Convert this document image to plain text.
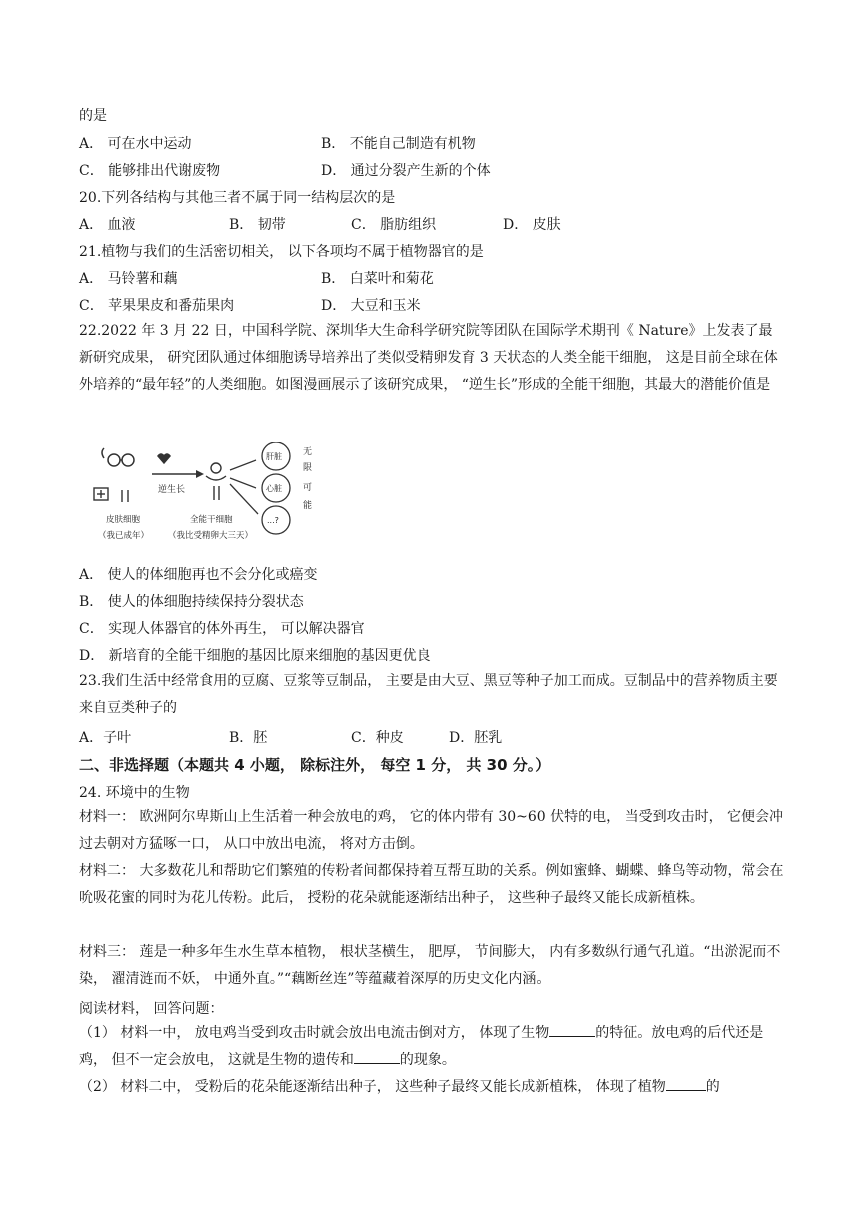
的是
A． 可在水中运动	B． 不能自己制造有机物
C． 能够排出代谢废物	D． 通过分裂产生新的个体
20.下列各结构与其他三者不属于同一结构层次的是
A． 血液	B． 韧带	C． 脂肪组织	D． 皮肤
21.植物与我们的生活密切相关， 以下各项均不属于植物器官的是
A． 马铃薯和藕	B． 白菜叶和菊花
C． 苹果果皮和番茄果肉	D． 大豆和玉米
22.2022 年 3 月 22 日，中国科学院、深圳华大生命科学研究院等团队在国际学术期刊《 Nature》上发表了最新研究成果， 研究团队通过体细胞诱导培养出了类似受精卵发育 3 天状态的人类全能干细胞， 这是目前全球在体外培养的“最年轻”的人类细胞。如图漫画展示了该研究成果， “逆生长”形成的全能干细胞，其最大的潜能价值是
逆生长
肝脏
心脏
...?
无
限
可
能
皮肤细胞
（我已成年）
全能干细胞
（我比受精卵大三天）
A． 使人的体细胞再也不会分化或癌变
B． 使人的体细胞持续保持分裂状态
C． 实现人体器官的体外再生， 可以解决器官
D． 新培育的全能干细胞的基因比原来细胞的基因更优良
23.我们生活中经常食用的豆腐、豆浆等豆制品， 主要是由大豆、黑豆等种子加工而成。豆制品中的营养物质主要来自豆类种子的
A．子叶	B．胚	C．种皮	D．胚乳
二、非选择题（本题共 4 小题， 除标注外， 每空 1 分， 共 30 分。）
24. 环境中的生物
材料一： 欧洲阿尔卑斯山上生活着一种会放电的鸡， 它的体内带有 30~60 伏特的电， 当受到攻击时， 它便会冲过去朝对方猛啄一口， 从口中放出电流， 将对方击倒。
材料二： 大多数花儿和帮助它们繁殖的传粉者间都保持着互帮互助的关系。例如蜜蜂、蝴蝶、蜂鸟等动物，常会在吮吸花蜜的同时为花儿传粉。此后， 授粉的花朵就能逐渐结出种子， 这些种子最终又能长成新植株。
材料三： 莲是一种多年生水生草本植物， 根状茎横生， 肥厚， 节间膨大， 内有多数纵行通气孔道。“出淤泥而不染， 濯清涟而不妖， 中通外直。”“藕断丝连”等蕴藏着深厚的历史文化内涵。
阅读材料， 回答问题：
（1） 材料一中， 放电鸡当受到攻击时就会放出电流击倒对方， 体现了生物	的特征。放电鸡的后代还是鸡， 但不一定会放电， 这就是生物的遗传和	的现象。
（2） 材料二中， 受粉后的花朵能逐渐结出种子， 这些种子最终又能长成新植株， 体现了植物	的
